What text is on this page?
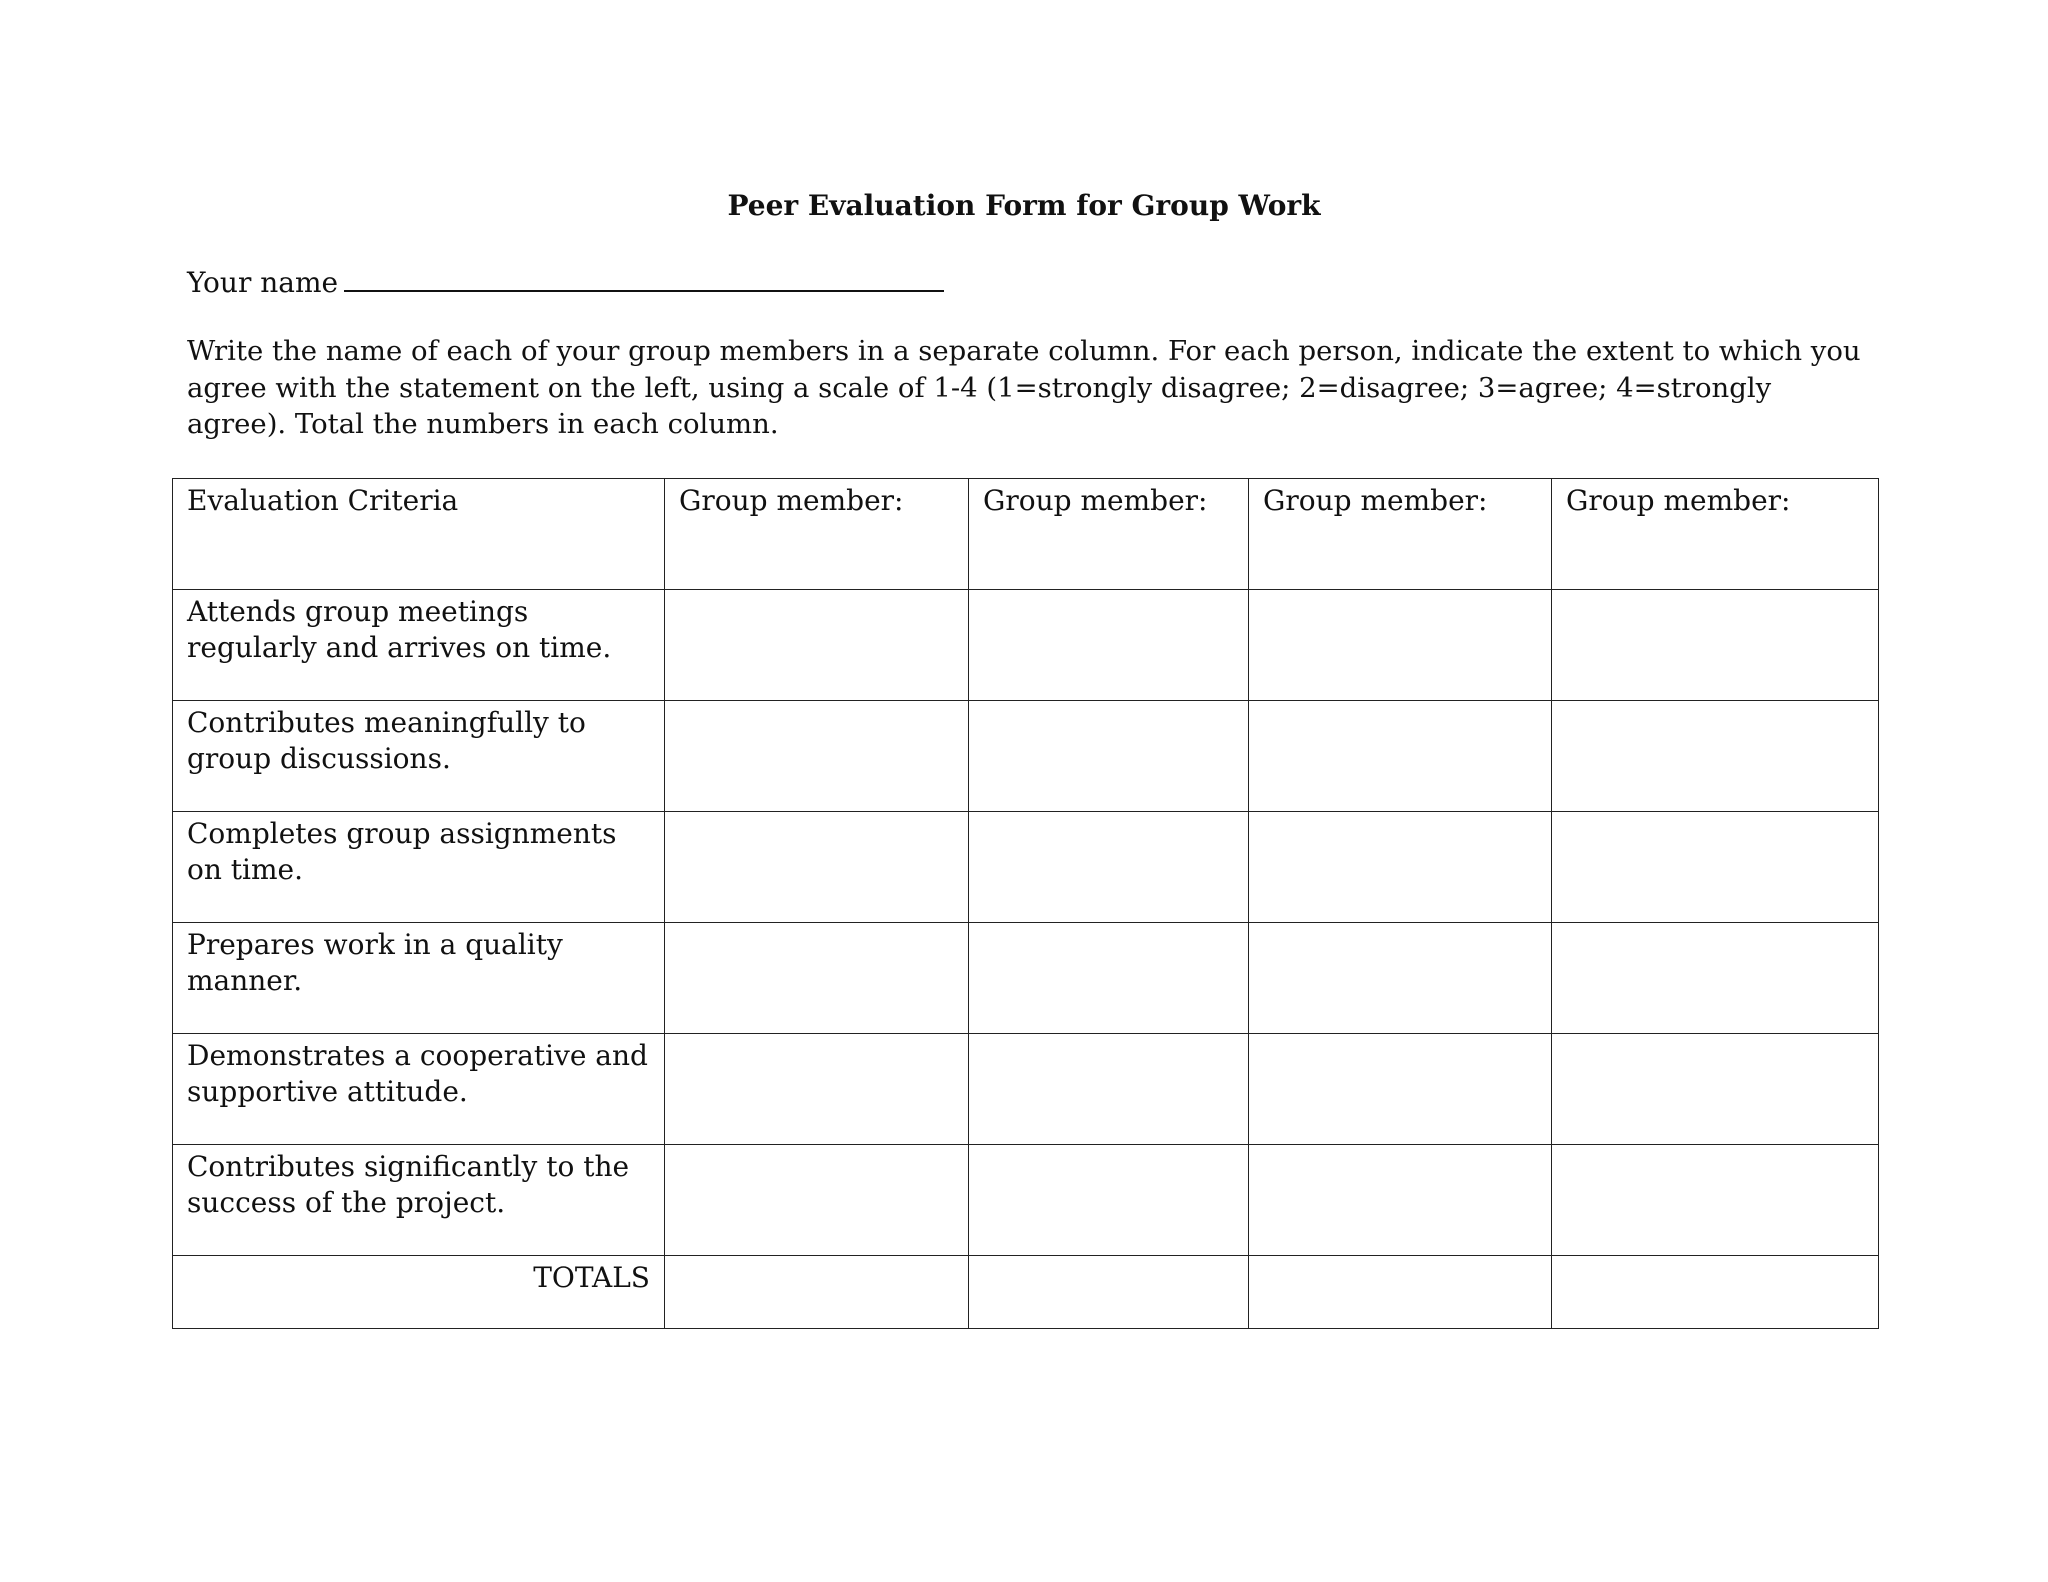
Peer Evaluation Form for Group Work
Your name
Write the name of each of your group members in a separate column. For each person, indicate the extent to which you agree with the statement on the left, using a scale of 1-4 (1=strongly disagree; 2=disagree; 3=agree; 4=strongly agree). Total the numbers in each column.
Evaluation Criteria	Group member:	Group member:	Group member:	Group member:
Attends group meetings regularly and arrives on time.				
Contributes meaningfully to group discussions.				
Completes group assignments on time.				
Prepares work in a quality manner.				
Demonstrates a cooperative and supportive attitude.				
Contributes significantly to the success of the project.				
TOTALS				
